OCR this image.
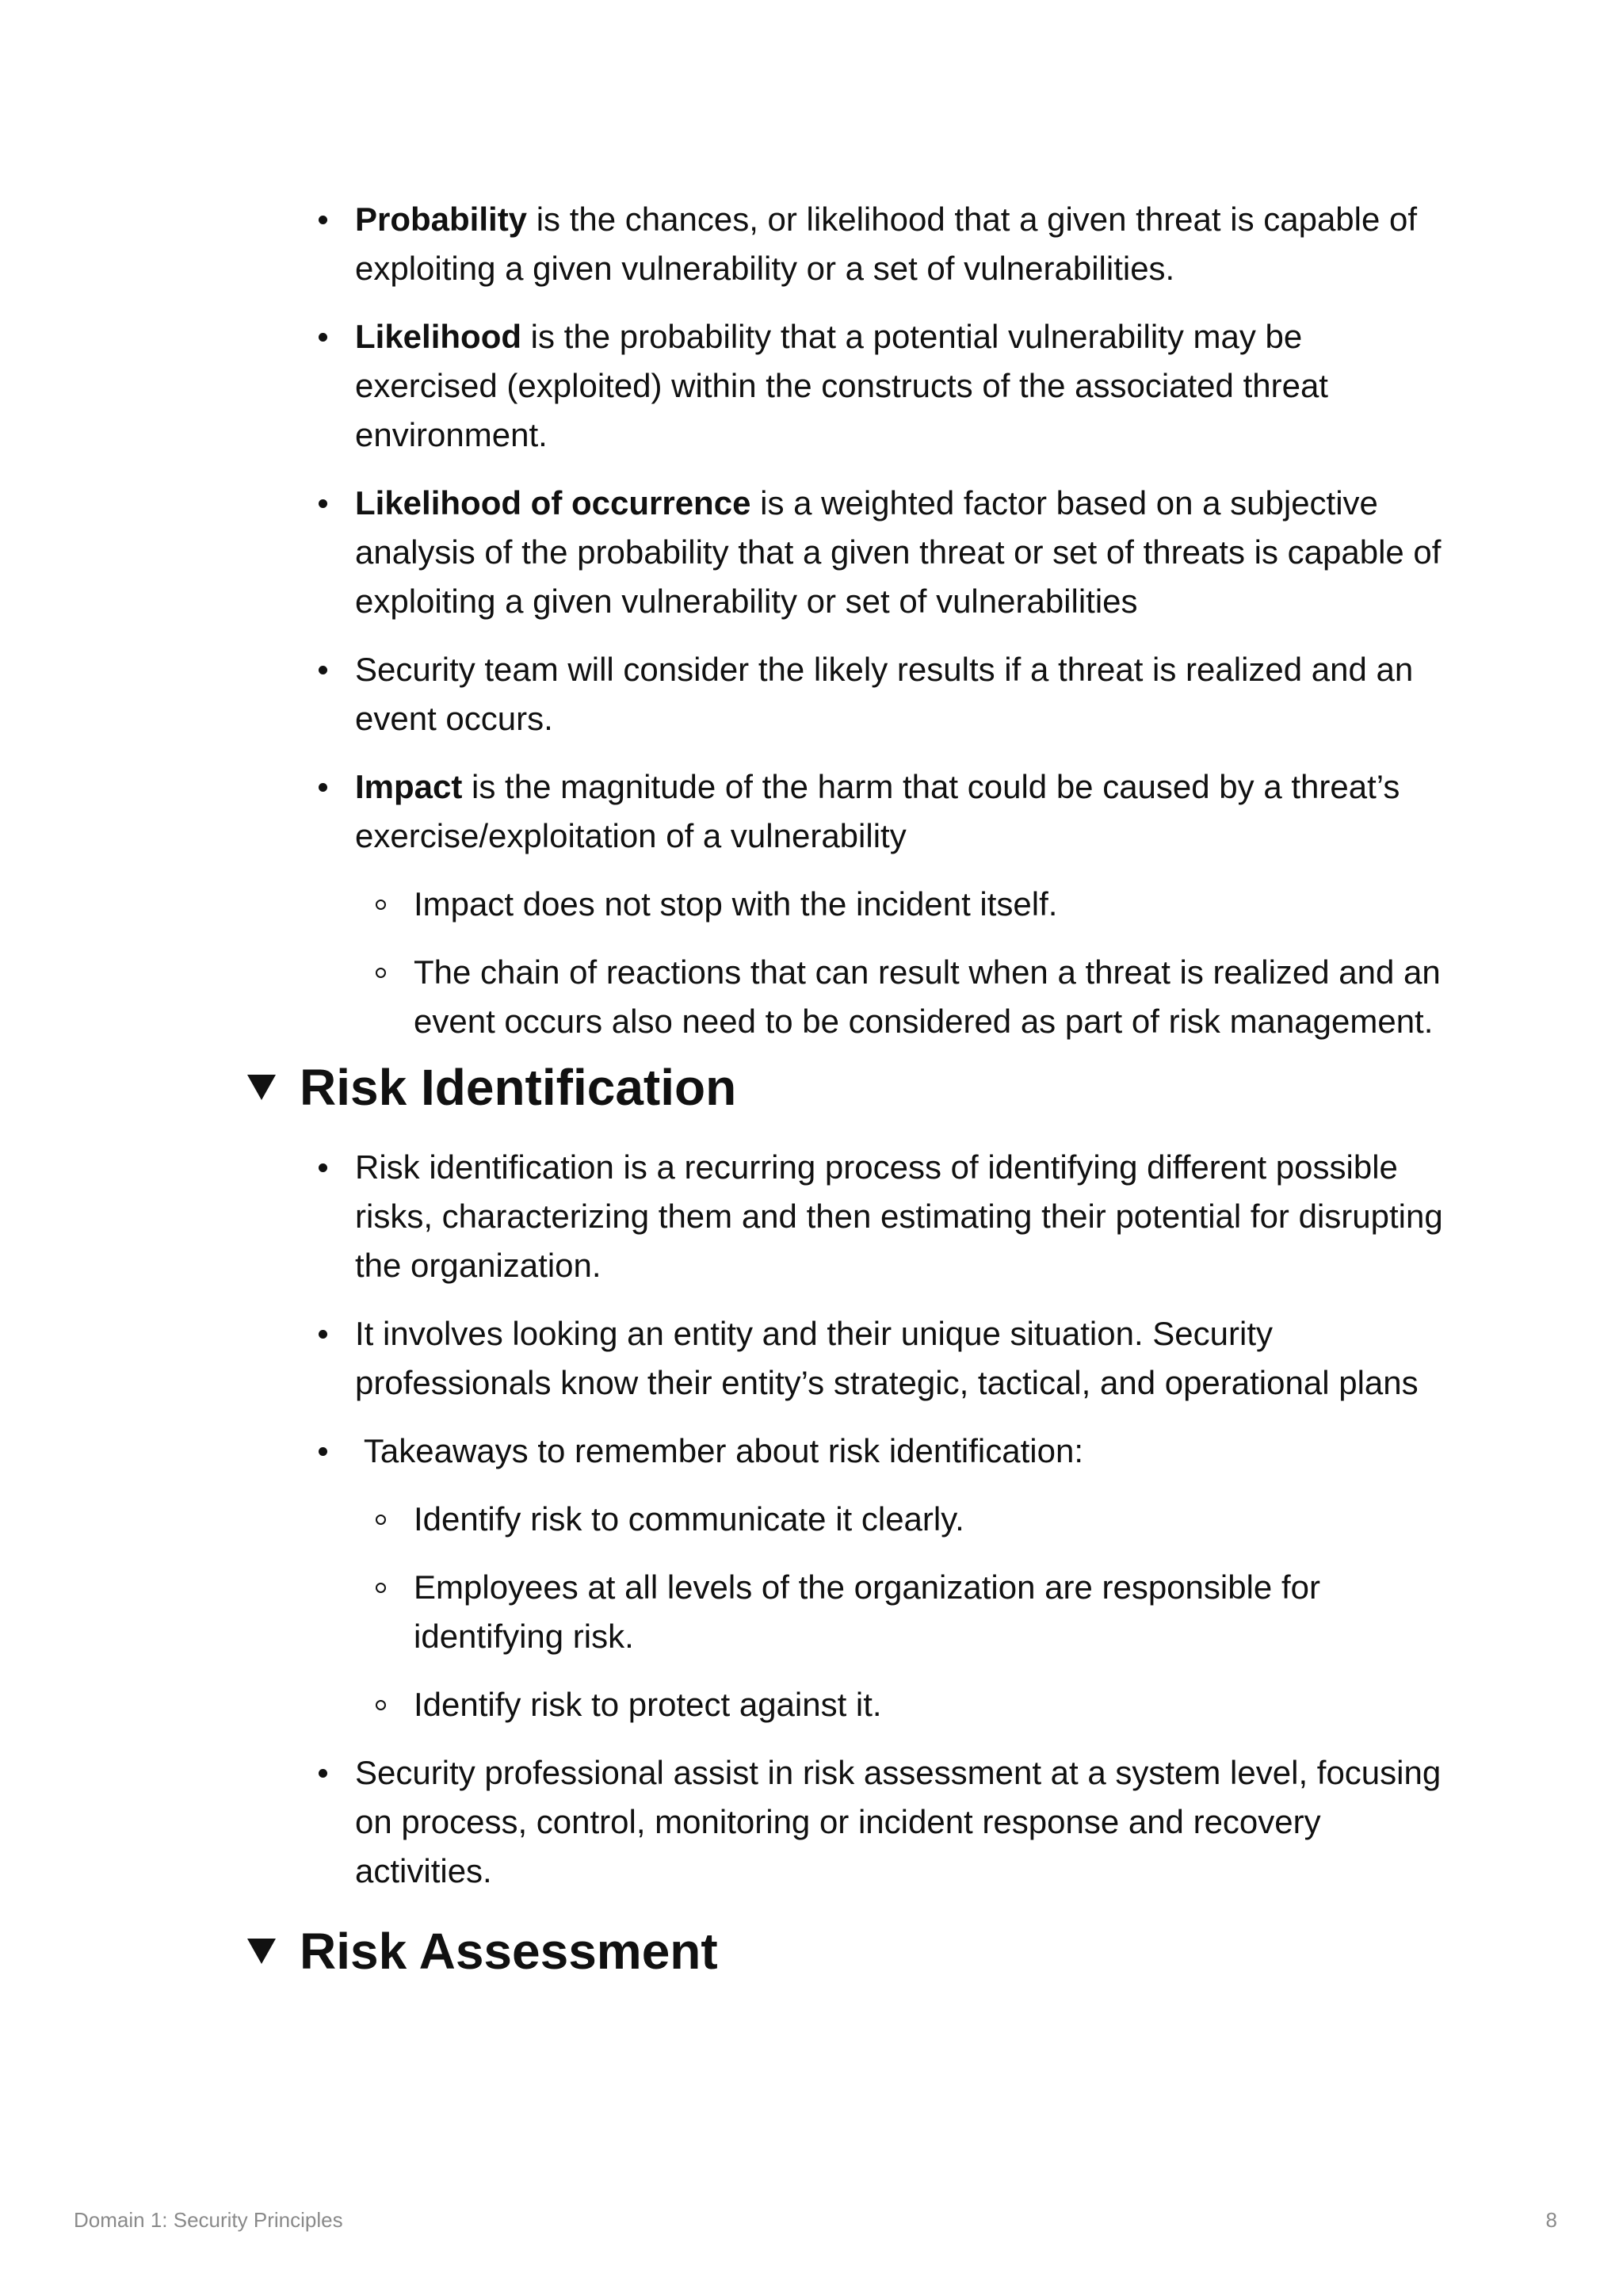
Probability is the chances, or likelihood that a given threat is capable of exploiting a given vulnerability or a set of vulnerabilities.
Likelihood is the probability that a potential vulnerability may be exercised (exploited) within the constructs of the associated threat environment.
Likelihood of occurrence is a weighted factor based on a subjective analysis of the probability that a given threat or set of threats is capable of exploiting a given vulnerability or set of vulnerabilities
Security team will consider the likely results if a threat is realized and an event occurs.
Impact is the magnitude of the harm that could be caused by a threat’s exercise/exploitation of a vulnerability
Impact does not stop with the incident itself.
The chain of reactions that can result when a threat is realized and an event occurs also need to be considered as part of risk management.
Risk Identification
Risk identification is a recurring process of identifying different possible risks, characterizing them and then estimating their potential for disrupting the organization.
It involves looking an entity and their unique situation. Security professionals know their entity’s strategic, tactical, and operational plans
Takeaways to remember about risk identification:
Identify risk to communicate it clearly.
Employees at all levels of the organization are responsible for identifying risk.
Identify risk to protect against it.
Security professional assist in risk assessment at a system level, focusing on process, control, monitoring or incident response and recovery activities.
Risk Assessment
Domain 1: Security Principles	8
